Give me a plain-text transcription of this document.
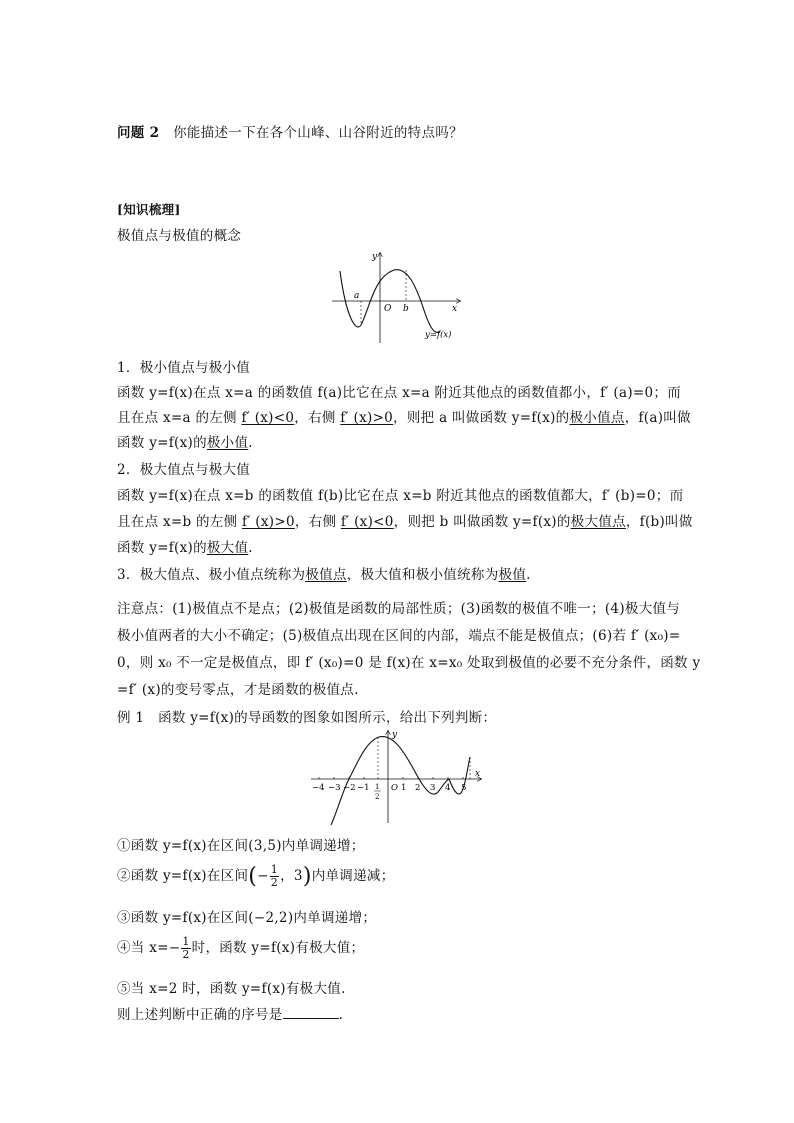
问题 2 你能描述一下在各个山峰、山谷附近的特点吗？
[知识梳理]
极值点与极值的概念
y
x
a
O b
y=f(x)
1．极小值点与极小值
函数 y=f(x)在点 x=a 的函数值 f(a)比它在点 x=a 附近其他点的函数值都小，f′ (a)=0；而
且在点 x=a 的左侧 f′ (x)<0，右侧 f′ (x)>0，则把 a 叫做函数 y=f(x)的极小值点，f(a)叫做
函数 y=f(x)的极小值.
2．极大值点与极大值
函数 y=f(x)在点 x=b 的函数值 f(b)比它在点 x=b 附近其他点的函数值都大，f′ (b)=0；而
且在点 x=b 的左侧 f′ (x)>0，右侧 f′ (x)<0，则把 b 叫做函数 y=f(x)的极大值点，f(b)叫做
函数 y=f(x)的极大值.
3．极大值点、极小值点统称为极值点，极大值和极小值统称为极值.
注意点：(1)极值点不是点；(2)极值是函数的局部性质；(3)函数的极值不唯一；(4)极大值与
极小值两者的大小不确定；(5)极值点出现在区间的内部，端点不能是极值点；(6)若 f′ (x₀)=
0，则 x₀ 不一定是极值点，即 f′ (x₀)=0 是 f(x)在 x=x₀ 处取到极值的必要不充分条件，函数 y
=f′ (x)的变号零点，才是函数的极值点.
例 1 函数 y=f(x)的导函数的图象如图所示，给出下列判断：
−4 −3 −2 −1	O 1 2 3 4 5
1
2
x
y
①函数 y=f(x)在区间(3,5)内单调递增；
②函数 y=f(x)在区间(− $\frac{1}{2}$ ，3)内单调递减；
③函数 y=f(x)在区间(−2,2)内单调递增；
④当 $x=- \frac{1}{2}$ 时，函数 y=f(x)有极大值；
⑤当 x=2 时，函数 y=f(x)有极大值.
则上述判断中正确的序号是	.
